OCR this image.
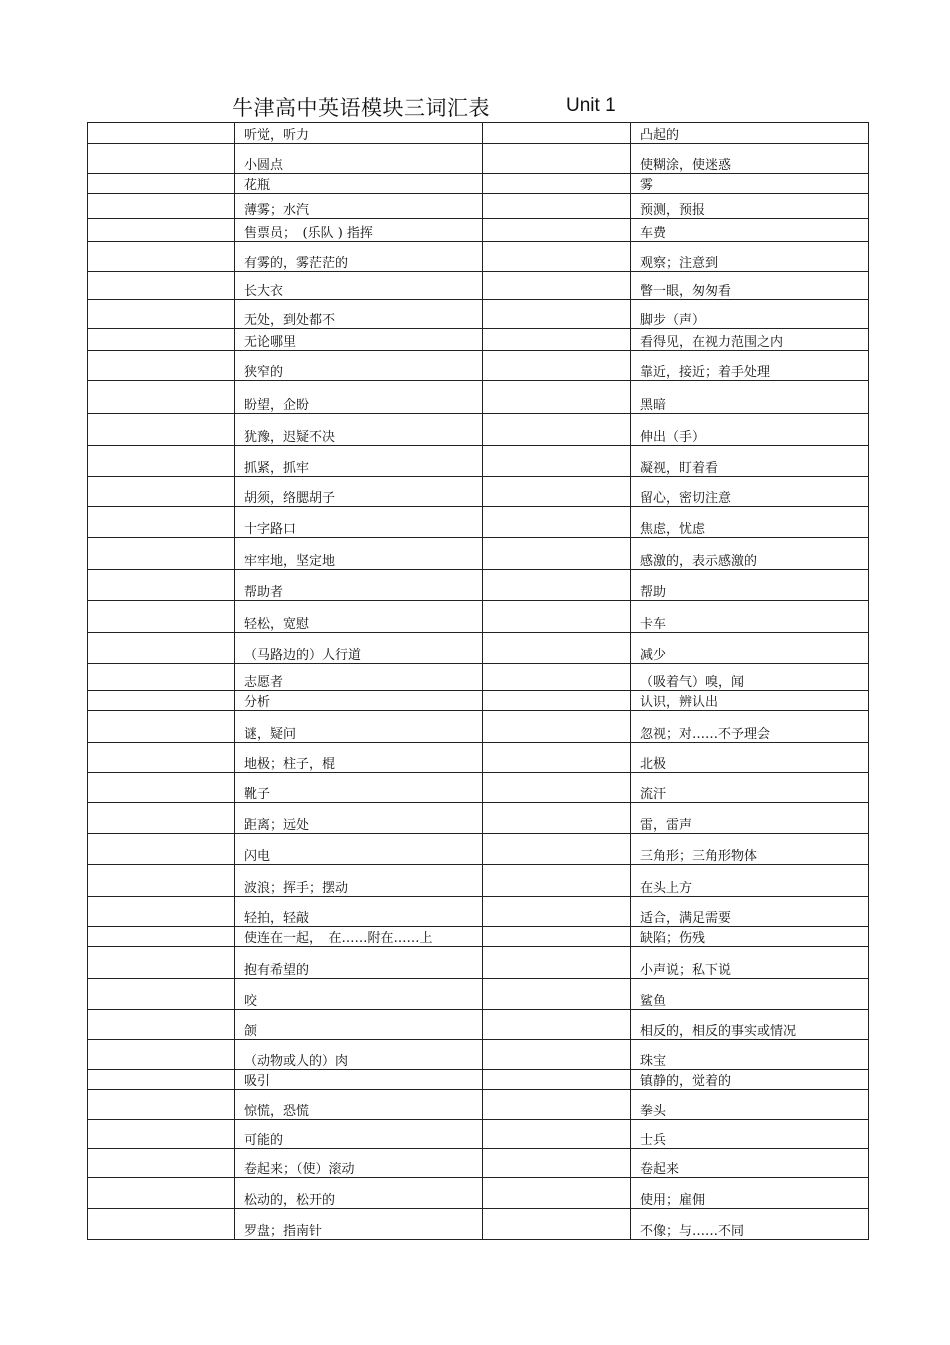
牛津高中英语模块三词汇表	Unit 1
	听觉，听力		凸起的
	小圆点		使糊涂，使迷惑
	花瓶		雾
	薄雾；水汽		预测，预报
	售票员；　(乐队 ) 指挥		车费
	有雾的，雾茫茫的		观察；注意到
	长大衣		瞥一眼，匆匆看
	无处，到处都不		脚步（声）
	无论哪里		看得见，在视力范围之内
	狭窄的		靠近，接近；着手处理
	盼望，企盼		黑暗
	犹豫，迟疑不决		伸出（手）
	抓紧，抓牢		凝视，盯着看
	胡须，络腮胡子		留心，密切注意
	十字路口		焦虑，忧虑
	牢牢地，坚定地		感激的，表示感激的
	帮助者		帮助
	轻松，宽慰		卡车
	（马路边的）人行道		减少
	志愿者		（吸着气）嗅，闻
	分析		认识，辨认出
	谜，疑问		忽视；对……不予理会
	地极；柱子，棍		北极
	靴子		流汗
	距离；远处		雷，雷声
	闪电		三角形；三角形物体
	波浪；挥手；摆动		在头上方
	轻拍，轻敲		适合，满足需要
	使连在一起，　在……附在……上		缺陷；伤残
	抱有希望的		小声说；私下说
	咬		鲨鱼
	颌		相反的，相反的事实或情况
	（动物或人的）肉		珠宝
	吸引		镇静的，觉着的
	惊慌，恐慌		拳头
	可能的		士兵
	卷起来；（使）滚动		卷起来
	松动的，松开的		使用；雇佣
	罗盘；指南针		不像；与……不同
